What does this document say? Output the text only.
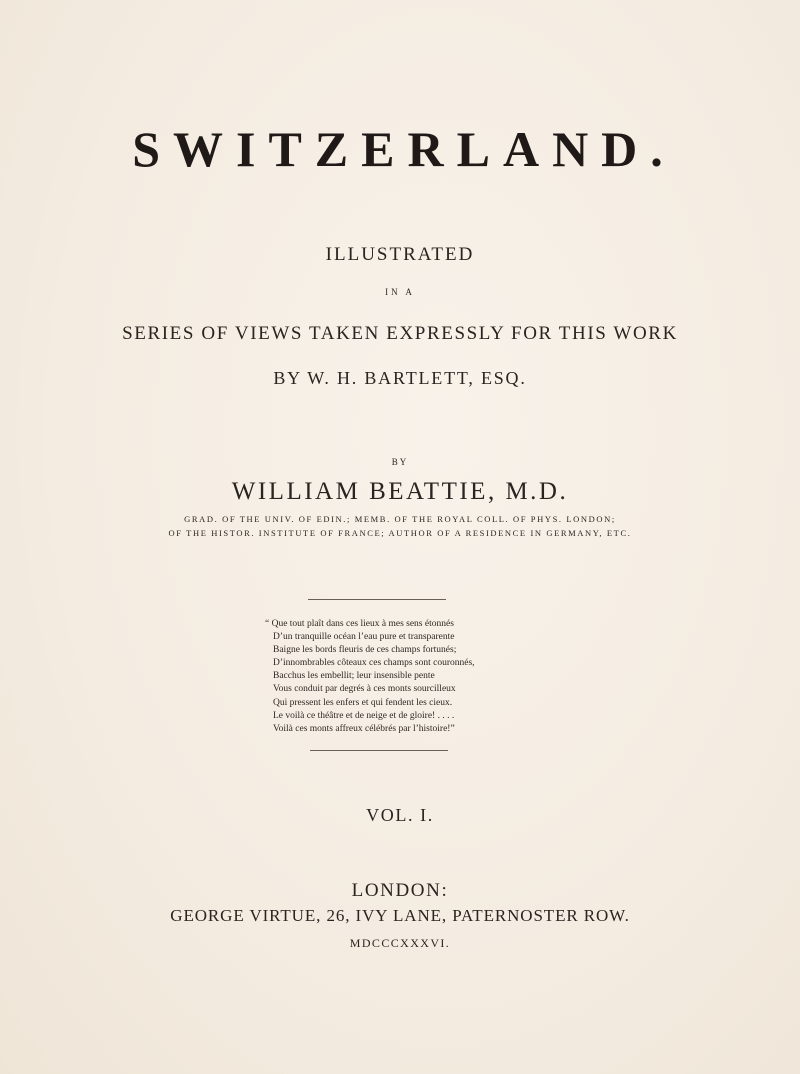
SWITZERLAND.
ILLUSTRATED
IN A
SERIES OF VIEWS TAKEN EXPRESSLY FOR THIS WORK
BY W. H. BARTLETT, ESQ.
BY
WILLIAM BEATTIE, M.D.
GRAD. OF THE UNIV. OF EDIN.; MEMB. OF THE ROYAL COLL. OF PHYS. LONDON;
OF THE HISTOR. INSTITUTE OF FRANCE; AUTHOR OF A RESIDENCE IN GERMANY, ETC.
“ Que tout plaît dans ces lieux à mes sens étonnés
D’un tranquille océan l’eau pure et transparente
Baigne les bords fleuris de ces champs fortunés;
D’innombrables côteaux ces champs sont couronnés,
Bacchus les embellit; leur insensible pente
Vous conduit par degrés à ces monts sourcilleux
Qui pressent les enfers et qui fendent les cieux.
Le voilà ce théâtre et de neige et de gloire! . . . .
Voilà ces monts affreux célébrés par l’histoire!”
VOL. I.
LONDON:
GEORGE VIRTUE, 26, IVY LANE, PATERNOSTER ROW.
MDCCCXXXVI.
